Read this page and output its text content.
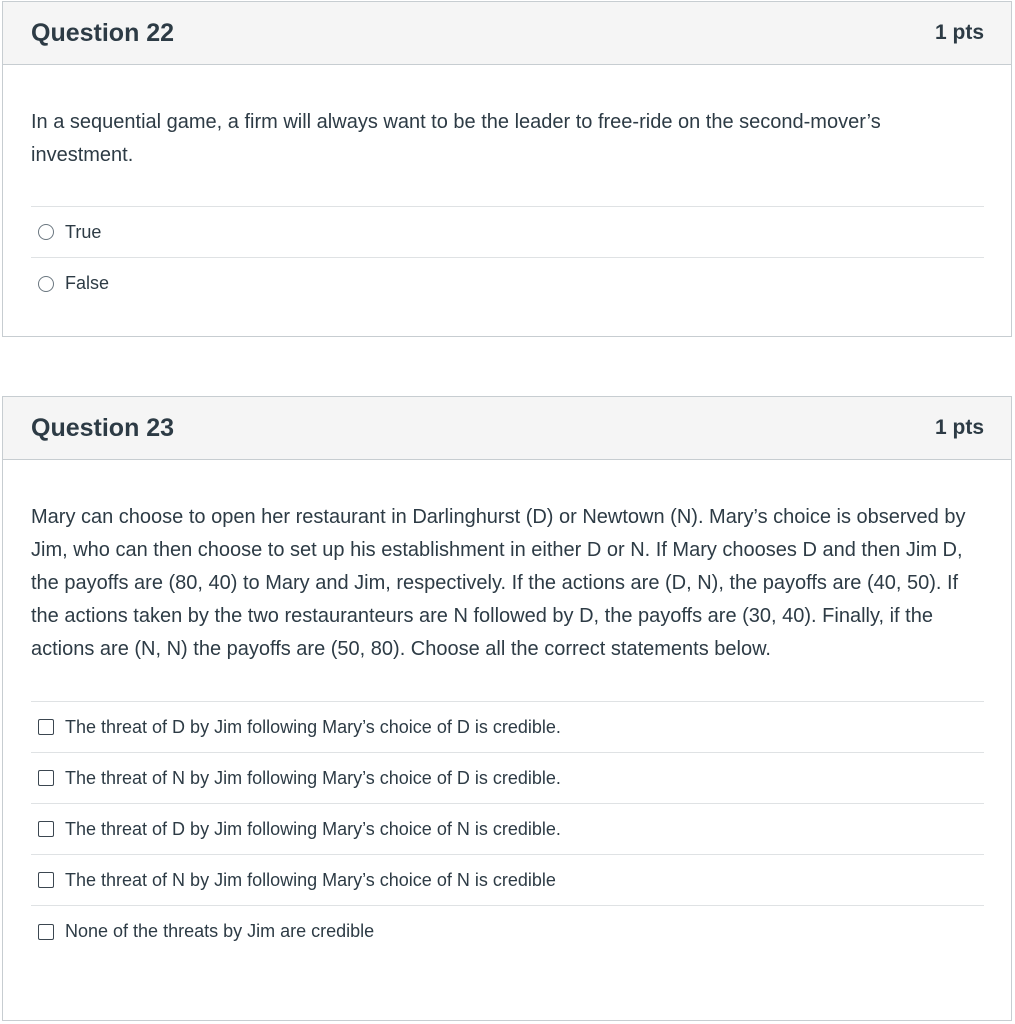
Question 22	1 pts

In a sequential game, a firm will always want to be the leader to free-ride on the second-mover’s investment.

True
False
Question 23	1 pts

Mary can choose to open her restaurant in Darlinghurst (D) or Newtown (N). Mary’s choice is observed by Jim, who can then choose to set up his establishment in either D or N. If Mary chooses D and then Jim D, the payoffs are (80, 40) to Mary and Jim, respectively. If the actions are (D, N), the payoffs are (40, 50). If the actions taken by the two restauranteurs are N followed by D, the payoffs are (30, 40). Finally, if the actions are (N, N) the payoffs are (50, 80). Choose all the correct statements below.

The threat of D by Jim following Mary’s choice of D is credible.
The threat of N by Jim following Mary’s choice of D is credible.
The threat of D by Jim following Mary’s choice of N is credible.
The threat of N by Jim following Mary’s choice of N is credible
None of the threats by Jim are credible
